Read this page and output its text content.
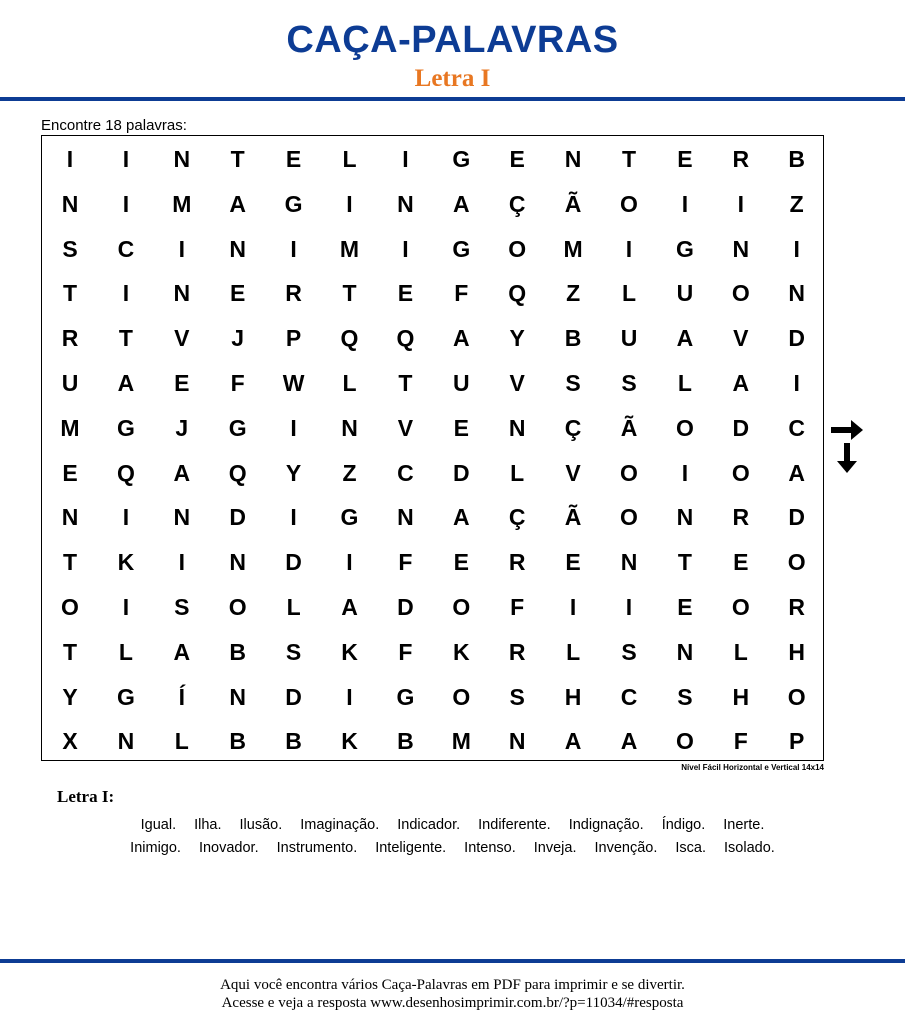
CAÇA-PALAVRAS
Letra I
Encontre 18 palavras:
I	I	N	T	E	L	I	G	E	N	T	E	R	B
N	I	M	A	G	I	N	A	Ç	Ã	O	I	I	Z
S	C	I	N	I	M	I	G	O	M	I	G	N	I
T	I	N	E	R	T	E	F	Q	Z	L	U	O	N
R	T	V	J	P	Q	Q	A	Y	B	U	A	V	D
U	A	E	F	W	L	T	U	V	S	S	L	A	I
M	G	J	G	I	N	V	E	N	Ç	Ã	O	D	C
E	Q	A	Q	Y	Z	C	D	L	V	O	I	O	A
N	I	N	D	I	G	N	A	Ç	Ã	O	N	R	D
T	K	I	N	D	I	F	E	R	E	N	T	E	O
O	I	S	O	L	A	D	O	F	I	I	E	O	R
T	L	A	B	S	K	F	K	R	L	S	N	L	H
Y	G	Í	N	D	I	G	O	S	H	C	S	H	O
X	N	L	B	B	K	B	M	N	A	A	O	F	P
Nível Fácil Horizontal e Vertical 14x14
Letra I:
Igual. Ilha. Ilusão. Imaginação. Indicador. Indiferente. Indignação. Índigo. Inerte.
Inimigo. Inovador. Instrumento. Inteligente. Intenso. Inveja. Invenção. Isca. Isolado.
Aqui você encontra vários Caça-Palavras em PDF para imprimir e se divertir.
Acesse e veja a resposta www.desenhosimprimir.com.br/?p=11034/#resposta
